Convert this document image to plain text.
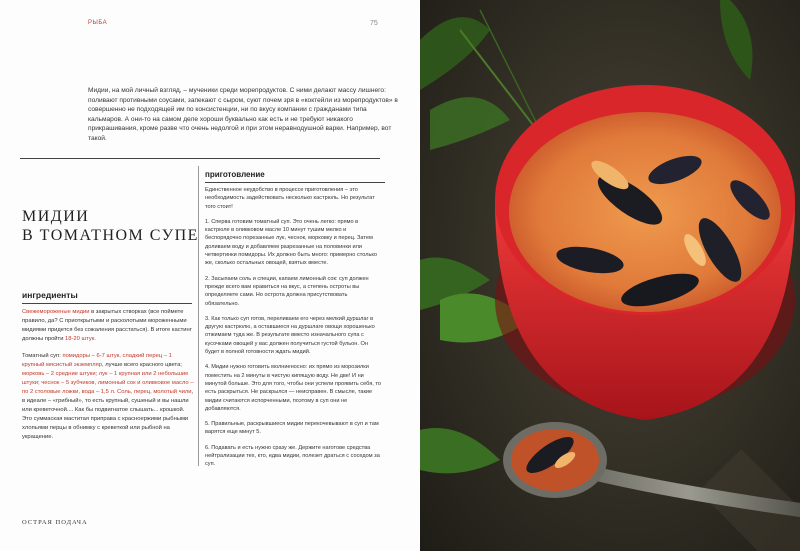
РЫБА	75
Мидии, на мой личный взгляд, – мученики среди морепродуктов. С ними делают массу лишнего: поливают противными соусами, запекают с сыром, суют почем зря в «коктейли из морепродуктов» в совершенно не подходящей им по консистенции, ни по вкусу компании с гражданами типа кальмаров. А они-то на самом деле хороши буквально как есть и не требуют никакого прикрашивания, кроме разве что очень недолгой и при этом неравнодушной варки. Например, вот такой.
МИДИИ
В ТОМАТНОМ СУПЕ
ингредиенты

Свежемороженые мидии в закрытых створках (все поймете правило, да? С приоткрытыми и расколотыми мороженными мидиями придется без сожаления расстаться). В итоге кастинг должны пройти 18-20 штук.

Томатный суп: помидоры – 6-7 штук, сладкий перец – 1 крупный мясистый экземпляр, лучше всего красного цвета; морковь – 2 средние штуки; лук – 1 крупная или 2 небольшие штуки; чеснок – 5 зубчиков, лимонный сок и оливковое масло – по 2 столовые ложки, вода – 1,5 л. Соль, перец, молотый чили, в идеале – «грибный», то есть крупный, сушеный и вы нашли или креветочной.... Как бы подвигнатое слышать... крошкой. Это суммаская маститая приправа с красноержими рыбными хлопьями перцы в обнимку с креветкой или рыбной на укращение.

приготовление

Единственное неудобство в процессе приготовления – это необходимость задействовать несколько кастрюль. Но результат того стоит!

1. Сперва готовим томатный суп. Это очень легко: прямо в кастрюле в оливковом масле 10 минут тушим мелко и беспорядочно порезанные лук, чеснок, морковку и перец. Затем доливаем воду и добавляем разрезанные на половинки или четвертинки помидоры. Их должно быть много: примерно столько же, сколько остальных овощей, взятых вместе.

2. Засыпаем соль и специи, капаем лимонный сок: суп должен прежде всего вам нравиться на вкус, а степень остроты вы определяете сами. Но острота должна присутствовать обязательно.

3. Как только суп готов, переливаем его через мелкий дуршлаг в другую кастрюлю, а оставшиеся на дуршлаге овощи хорошенько отжимаем туда же. В результате вместо изначального супа с кусочками овощей у вас должен получиться густой бульон. Он будет в полной готовности ждать мидий.

4. Мидии нужно готовить молниеносно: их прямо из морозилки поместить на 2 минуты в чистую кипящую воду. Не две! И ни минутой больше. Это для того, чтобы они успели проявить себя, то есть раскрыться. Не раскрылся — неисправен. В смысле, такие мидии считаются испорченными, поэтому в суп они не добавляются.

5. Правильные, раскрывшиеся мидии перекочевывают в суп и там варятся еще минут 5.

6. Подавать и есть нужно сразу же. Держите наготове средства нейтрализации тех, кто, едва мидии, полезет драться с соседом за суп.

ОСТРАЯ ПОДАЧА
